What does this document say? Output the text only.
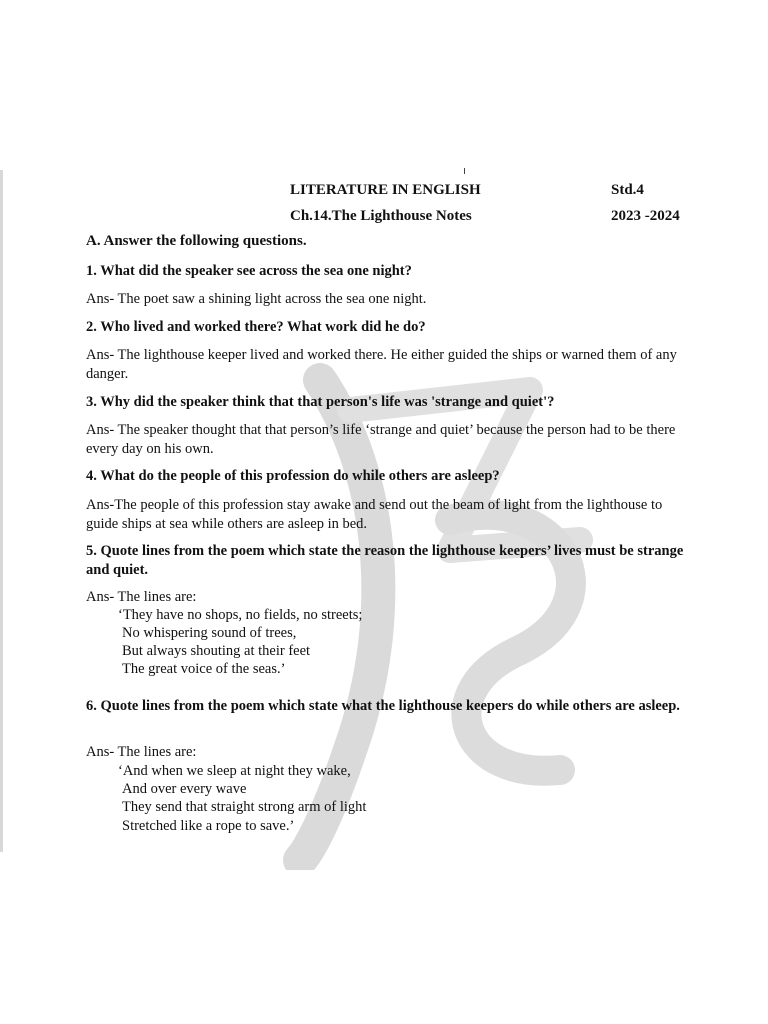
LITERATURE IN ENGLISH	Std.4
Ch.14.The Lighthouse Notes	2023 -2024
A. Answer the following questions.
1. What did the speaker see across the sea one night?
Ans- The poet saw a shining light across the sea one night.
2. Who lived and worked there? What work did he do?
Ans- The lighthouse keeper lived and worked there. He either guided the ships or warned them of any danger.
3. Why did the speaker think that that person's life was 'strange and quiet'?
Ans- The speaker thought that that person’s life ‘strange and quiet’ because the person had to be there every day on his own.
4. What do the people of this profession do while others are asleep?
Ans-The people of this profession stay awake and send out the beam of light from the lighthouse to guide ships at sea while others are asleep in bed.
5. Quote lines from the poem which state the reason the lighthouse keepers’ lives must be strange and quiet.
Ans- The lines are:
‘They have no shops, no fields, no streets;
No whispering sound of trees,
But always shouting at their feet
The great voice of the seas.’
6. Quote lines from the poem which state what the lighthouse keepers do while others are asleep.
Ans- The lines are:
‘And when we sleep at night they wake,
And over every wave
They send that straight strong arm of light
Stretched like a rope to save.’
